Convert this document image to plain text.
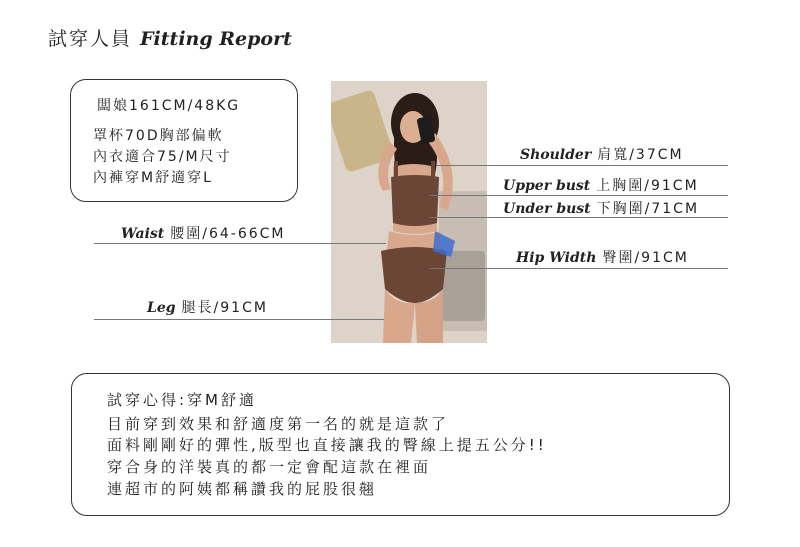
試穿人員 Fitting Report
闆娘161CM/48KG
罩杯70D胸部偏軟
內衣適合75/M尺寸
內褲穿M舒適穿L
Shoulder 肩寬/37CM
Upper bust 上胸圍/91CM
Under bust 下胸圍/71CM
Hip Width 臀圍/91CM
Waist 腰圍/64-66CM
Leg 腿長/91CM
試穿心得:穿M舒適
目前穿到效果和舒適度第一名的就是這款了
面料剛剛好的彈性,版型也直接讓我的臀線上提五公分!!
穿合身的洋裝真的都一定會配這款在裡面
連超市的阿姨都稱讚我的屁股很翹
